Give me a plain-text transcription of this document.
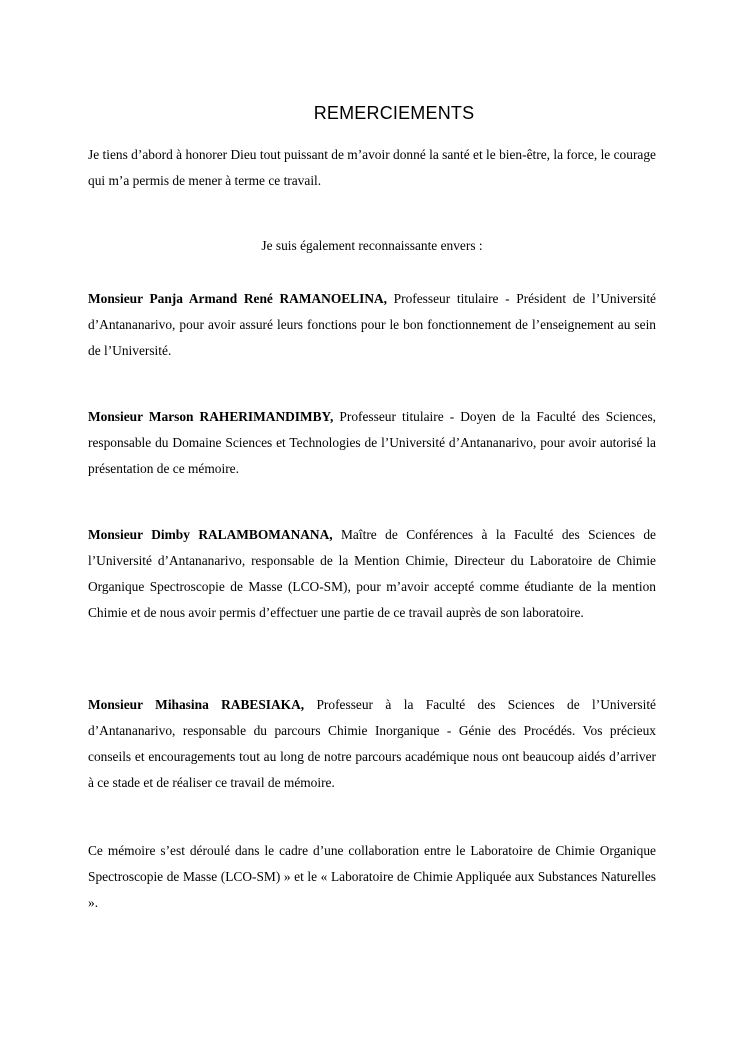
REMERCIEMENTS

Je tiens d’abord à honorer Dieu tout puissant de m’avoir donné la santé et le bien-être, la force, le courage qui m’a permis de mener à terme ce travail.

Je suis également reconnaissante envers :

Monsieur Panja Armand René RAMANOELINA, Professeur titulaire - Président de l’Université d’Antananarivo, pour avoir assuré leurs fonctions pour le bon fonctionnement de l’enseignement au sein de l’Université.

Monsieur Marson RAHERIMANDIMBY, Professeur titulaire - Doyen de la Faculté des Sciences, responsable du Domaine Sciences et Technologies de l’Université d’Antananarivo, pour avoir autorisé la présentation de ce mémoire.

Monsieur Dimby RALAMBOMANANA, Maître de Conférences à la Faculté des Sciences de l’Université d’Antananarivo, responsable de la Mention Chimie, Directeur du Laboratoire de Chimie Organique Spectroscopie de Masse (LCO-SM), pour m’avoir accepté comme étudiante de la mention Chimie et de nous avoir permis d’effectuer une partie de ce travail auprès de son laboratoire.

Monsieur Mihasina RABESIAKA, Professeur à la Faculté des Sciences de l’Université d’Antananarivo, responsable du parcours Chimie Inorganique - Génie des Procédés. Vos précieux conseils et encouragements tout au long de notre parcours académique nous ont beaucoup aidés d’arriver à ce stade et de réaliser ce travail de mémoire.

Ce mémoire s’est déroulé dans le cadre d’une collaboration entre le Laboratoire de Chimie Organique Spectroscopie de Masse (LCO-SM) » et le « Laboratoire de Chimie Appliquée aux Substances Naturelles ».
